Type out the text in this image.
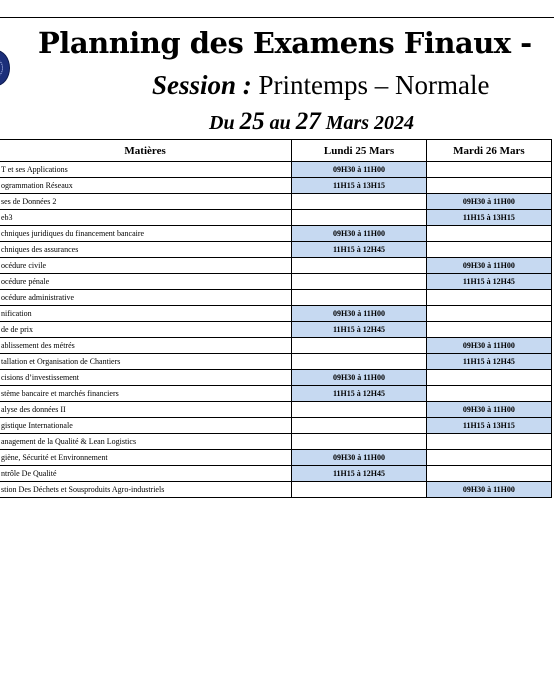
Planning des Examens Finaux -
Session : Printemps – Normale
Du 25 au 27 Mars 2024
Matières	Lundi 25 Mars	Mardi 26 Mars
T et ses Applications	09H30 à 11H00	
ogrammation Réseaux	11H15 à 13H15	
ses de Données 2		09H30 à 11H00
eb3		11H15 à 13H15
chniques juridiques du financement bancaire	09H30 à 11H00	
chniques des assurances	11H15 à 12H45	
océdure civile		09H30 à 11H00
océdure pénale		11H15 à 12H45
océdure administrative		
nification	09H30 à 11H00	
de de prix	11H15 à 12H45	
ablissement des métrés		09H30 à 11H00
tallation et Organisation de Chantiers		11H15 à 12H45
cisions d’investissement	09H30 à 11H00	
stème bancaire et marchés financiers	11H15 à 12H45	
alyse des données II		09H30 à 11H00
gistique Internationale		11H15 à 13H15
anagement de la Qualité & Lean Logistics		
giène, Sécurité et Environnement	09H30 à 11H00	
ntrôle De Qualité	11H15 à 12H45	
stion Des Déchets et Sousproduits Agro-industriels		09H30 à 11H00
